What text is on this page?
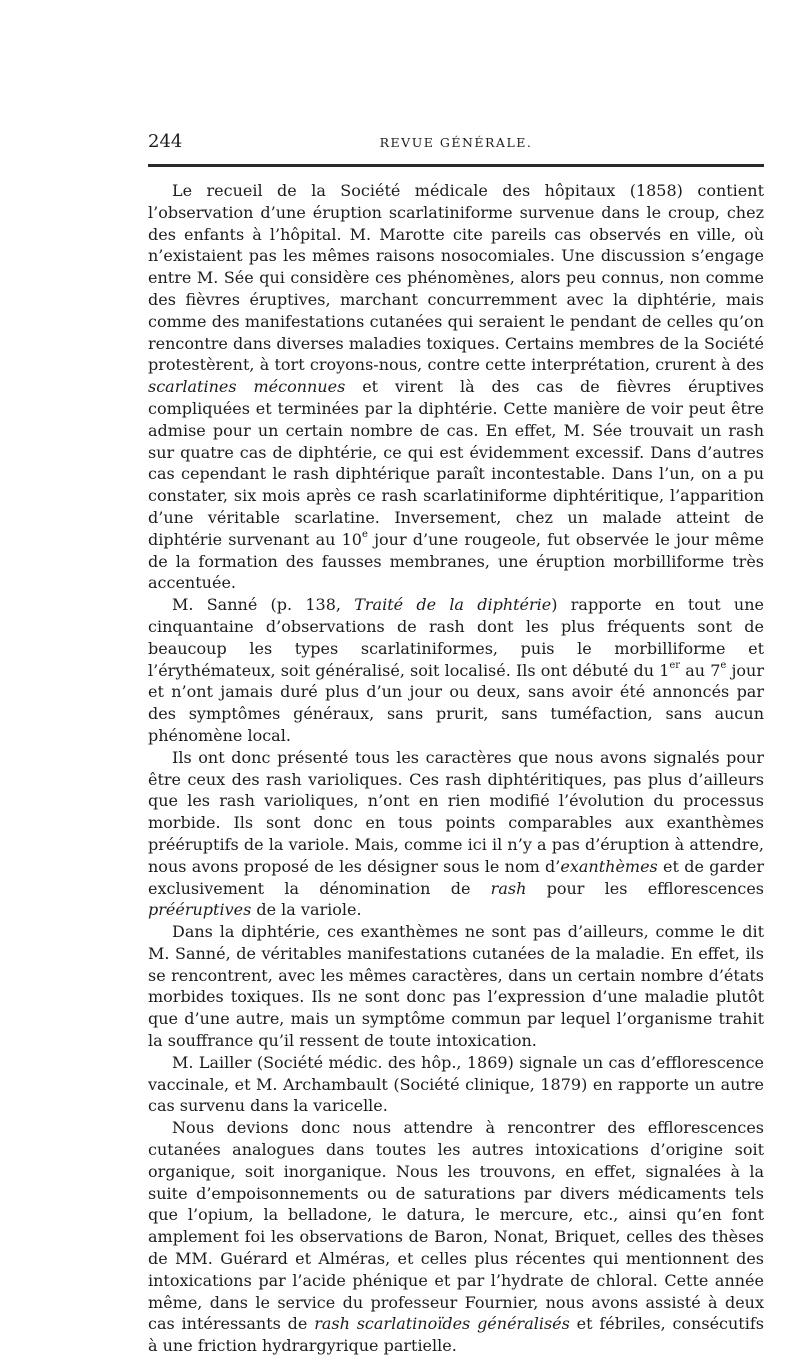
244	REVUE GÉNÉRALE.

Le recueil de la Société médicale des hôpitaux (1858) contient l’observation d’une éruption scarlatiniforme survenue dans le croup, chez des enfants à l’hôpital. M. Marotte cite pareils cas observés en ville, où n’existaient pas les mêmes raisons nosocomiales. Une discussion s’engage entre M. Sée qui considère ces phénomènes, alors peu connus, non comme des fièvres éruptives, marchant concurremment avec la diphtérie, mais comme des manifestations cutanées qui seraient le pendant de celles qu’on rencontre dans diverses maladies toxiques. Certains membres de la Société protestèrent, à tort croyons-nous, contre cette interprétation, crurent à des scarlatines méconnues et virent là des cas de fièvres éruptives compliquées et terminées par la diphtérie. Cette manière de voir peut être admise pour un certain nombre de cas. En effet, M. Sée trouvait un rash sur quatre cas de diphtérie, ce qui est évidemment excessif. Dans d’autres cas cependant le rash diphtérique paraît incontestable. Dans l’un, on a pu constater, six mois après ce rash scarlatiniforme diphtéritique, l’apparition d’une véritable scarlatine. Inversement, chez un malade atteint de diphtérie survenant au 10e jour d’une rougeole, fut observée le jour même de la formation des fausses membranes, une éruption morbilliforme très accentuée.

M. Sanné (p. 138, Traité de la diphtérie) rapporte en tout une cinquantaine d’observations de rash dont les plus fréquents sont de beaucoup les types scarlatiniformes, puis le morbilliforme et l’érythémateux, soit généralisé, soit localisé. Ils ont débuté du 1er au 7e jour et n’ont jamais duré plus d’un jour ou deux, sans avoir été annoncés par des symptômes généraux, sans prurit, sans tuméfaction, sans aucun phénomène local.

Ils ont donc présenté tous les caractères que nous avons signalés pour être ceux des rash varioliques. Ces rash diphtéritiques, pas plus d’ailleurs que les rash varioliques, n’ont en rien modifié l’évolution du processus morbide. Ils sont donc en tous points comparables aux exanthèmes prééruptifs de la variole. Mais, comme ici il n’y a pas d’éruption à attendre, nous avons proposé de les désigner sous le nom d’exanthèmes et de garder exclusivement la dénomination de rash pour les efflorescences prééruptives de la variole.

Dans la diphtérie, ces exanthèmes ne sont pas d’ailleurs, comme le dit M. Sanné, de véritables manifestations cutanées de la maladie. En effet, ils se rencontrent, avec les mêmes caractères, dans un certain nombre d’états morbides toxiques. Ils ne sont donc pas l’expression d’une maladie plutôt que d’une autre, mais un symptôme commun par lequel l’organisme trahit la souffrance qu’il ressent de toute intoxication.

M. Lailler (Société médic. des hôp., 1869) signale un cas d’efflorescence vaccinale, et M. Archambault (Société clinique, 1879) en rapporte un autre cas survenu dans la varicelle.

Nous devions donc nous attendre à rencontrer des efflorescences cutanées analogues dans toutes les autres intoxications d’origine soit organique, soit inorganique. Nous les trouvons, en effet, signalées à la suite d’empoisonnements ou de saturations par divers médicaments tels que l’opium, la belladone, le datura, le mercure, etc., ainsi qu’en font amplement foi les observations de Baron, Nonat, Briquet, celles des thèses de MM. Guérard et Alméras, et celles plus récentes qui mentionnent des intoxications par l’acide phénique et par l’hydrate de chloral. Cette année même, dans le service du professeur Fournier, nous avons assisté à deux cas intéressants de rash scarlatinoïdes généralisés et fébriles, consécutifs à une friction hydrargyrique partielle.
